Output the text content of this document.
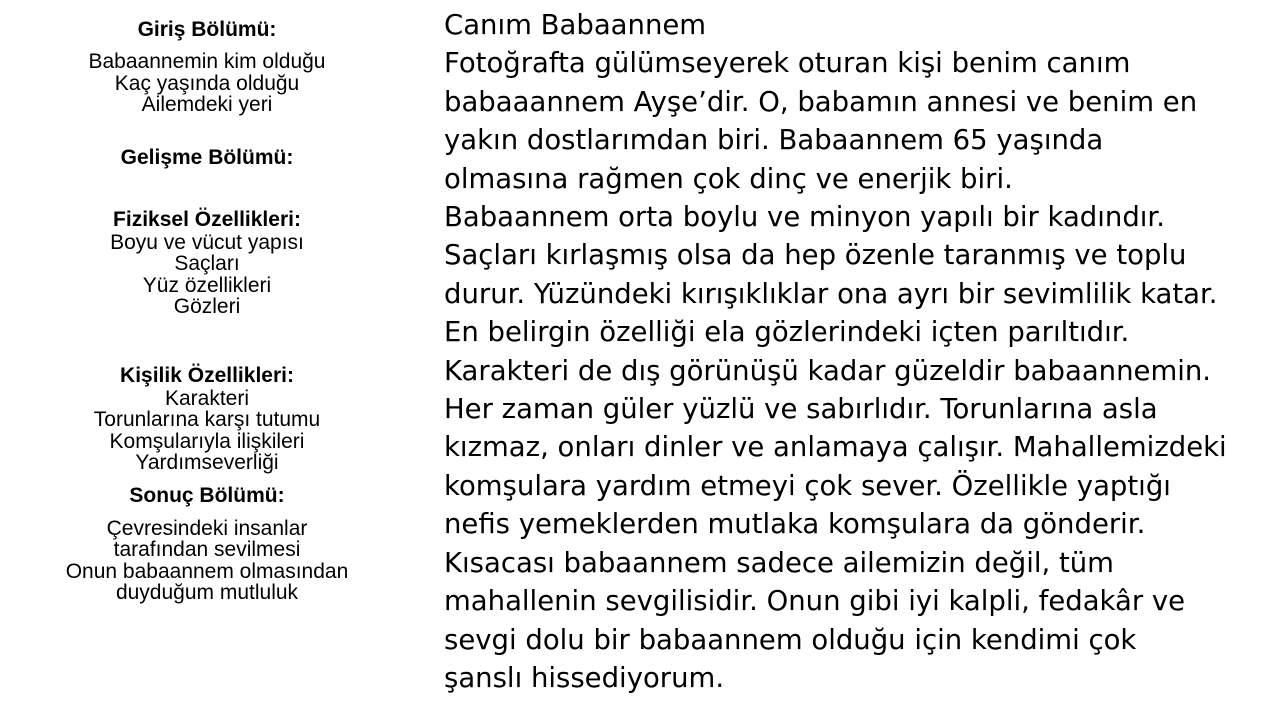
Giriş Bölümü:
Babaannemin kim olduğu
Kaç yaşında olduğu
Ailemdeki yeri
Gelişme Bölümü:
Fiziksel Özellikleri:
Boyu ve vücut yapısı
Saçları
Yüz özellikleri
Gözleri
Kişilik Özellikleri:
Karakteri
Torunlarına karşı tutumu
Komşularıyla ilişkileri
Yardımseverliği
Sonuç Bölümü:
Çevresindeki insanlar
tarafından sevilmesi
Onun babaannem olmasından
duyduğum mutluluk
Canım Babaannem
Fotoğrafta gülümseyerek oturan kişi benim canım
babaaannem Ayşe’dir. O, babamın annesi ve benim en
yakın dostlarımdan biri. Babaannem 65 yaşında
olmasına rağmen çok dinç ve enerjik biri.
Babaannem orta boylu ve minyon yapılı bir kadındır.
Saçları kırlaşmış olsa da hep özenle taranmış ve toplu
durur. Yüzündeki kırışıklıklar ona ayrı bir sevimlilik katar.
En belirgin özelliği ela gözlerindeki içten parıltıdır.
Karakteri de dış görünüşü kadar güzeldir babaannemin.
Her zaman güler yüzlü ve sabırlıdır. Torunlarına asla
kızmaz, onları dinler ve anlamaya çalışır. Mahallemizdeki
komşulara yardım etmeyi çok sever. Özellikle yaptığı
nefis yemeklerden mutlaka komşulara da gönderir.
Kısacası babaannem sadece ailemizin değil, tüm
mahallenin sevgilisidir. Onun gibi iyi kalpli, fedakâr ve
sevgi dolu bir babaannem olduğu için kendimi çok
şanslı hissediyorum.
